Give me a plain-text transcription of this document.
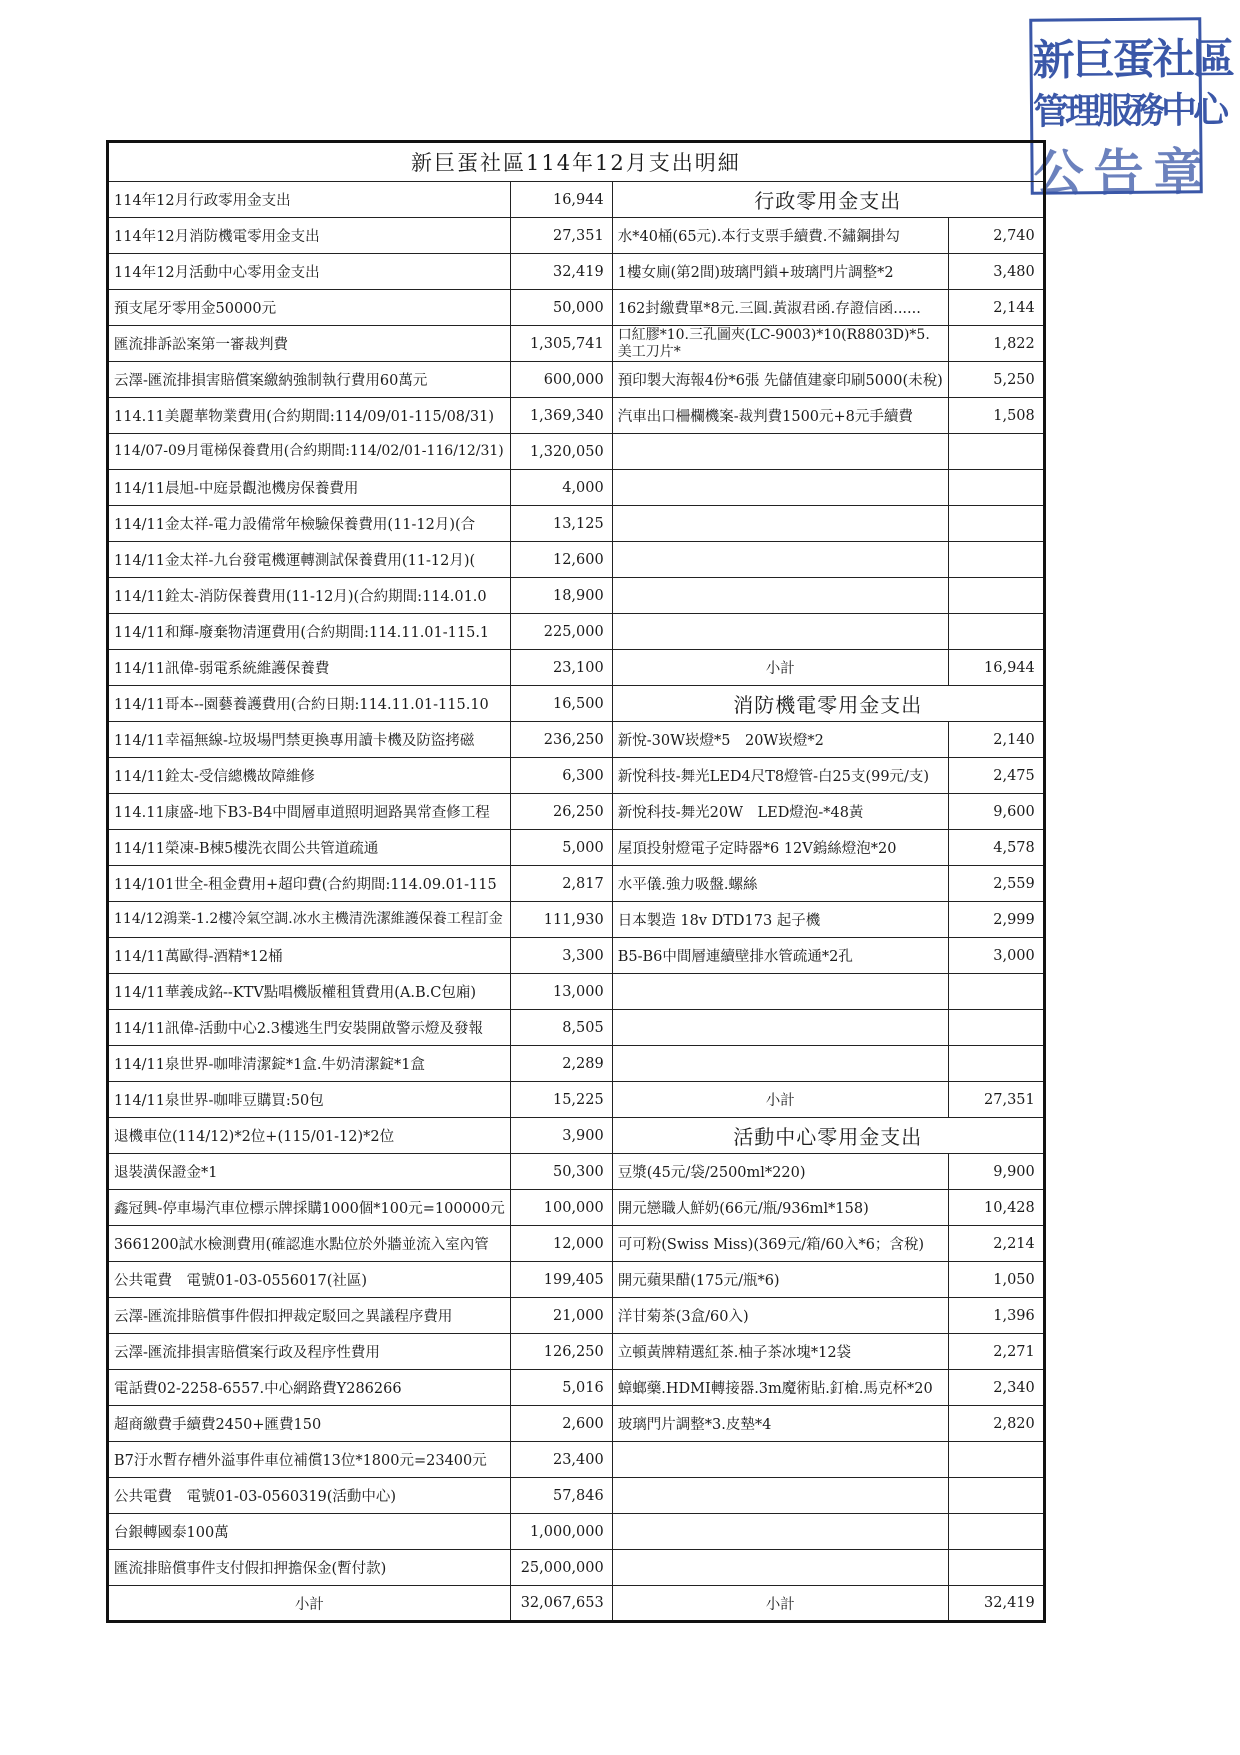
新巨蛋社區
管理服務中心
公告章
新巨蛋社區114年12月支出明細			
114年12月行政零用金支出	16,944	行政零用金支出	
114年12月消防機電零用金支出	27,351	水*40桶(65元).本行支票手續費.不鏽鋼掛勾	2,740
114年12月活動中心零用金支出	32,419	1樓女廁(第2間)玻璃門鎖+玻璃門片調整*2	3,480
預支尾牙零用金50000元	50,000	162封繳費單*8元.三圓.黃淑君函.存證信函......	2,144
匯流排訴訟案第一審裁判費	1,305,741	口紅膠*10.三孔圖夾(LC-9003)*10(R8803D)*5.美工刀片*	1,822
云澤-匯流排損害賠償案繳納強制執行費用60萬元	600,000	預印製大海報4份*6張 先儲值建豪印刷5000(未稅)	5,250
114.11美麗華物業費用(合約期間:114/09/01-115/08/31)	1,369,340	汽車出口柵欄機案-裁判費1500元+8元手續費	1,508
114/07-09月電梯保養費用(合約期間:114/02/01-116/12/31)	1,320,050		
114/11晨旭-中庭景觀池機房保養費用	4,000		
114/11金太祥-電力設備常年檢驗保養費用(11-12月)(合	13,125		
114/11金太祥-九台發電機運轉測試保養費用(11-12月)(	12,600		
114/11銓太-消防保養費用(11-12月)(合約期間:114.01.0	18,900		
114/11和輝-廢棄物清運費用(合約期間:114.11.01-115.1	225,000		
114/11訊偉-弱電系統維護保養費	23,100	小計	16,944
114/11哥本--園藝養護費用(合約日期:114.11.01-115.10	16,500	消防機電零用金支出	
114/11幸福無線-垃圾場門禁更換專用讀卡機及防盜拷磁	236,250	新悅-30W崁燈*5　20W崁燈*2	2,140
114/11銓太-受信總機故障維修	6,300	新悅科技-舞光LED4尺T8燈管-白25支(99元/支)	2,475
114.11康盛-地下B3-B4中間層車道照明迴路異常查修工程	26,250	新悅科技-舞光20W　LED燈泡-*48黃	9,600
114/11榮凍-B棟5樓洗衣間公共管道疏通	5,000	屋頂投射燈電子定時器*6 12V鎢絲燈泡*20	4,578
114/101世全-租金費用+超印費(合約期間:114.09.01-115	2,817	水平儀.強力吸盤.螺絲	2,559
114/12鴻業-1.2樓冷氣空調.冰水主機清洗潔維護保養工程訂金	111,930	日本製造 18v DTD173 起子機	2,999
114/11萬歐得-酒精*12桶	3,300	B5-B6中間層連續壁排水管疏通*2孔	3,000
114/11華義成銘--KTV點唱機版權租賃費用(A.B.C包廂)	13,000		
114/11訊偉-活動中心2.3樓逃生門安裝開啟警示燈及發報	8,505		
114/11泉世界-咖啡清潔錠*1盒.牛奶清潔錠*1盒	2,289		
114/11泉世界-咖啡豆購買:50包	15,225	小計	27,351
退機車位(114/12)*2位+(115/01-12)*2位	3,900	活動中心零用金支出	
退裝潢保證金*1	50,300	豆漿(45元/袋/2500ml*220)	9,900
鑫冠興-停車場汽車位標示牌採購1000個*100元=100000元	100,000	開元戀職人鮮奶(66元/瓶/936ml*158)	10,428
3661200試水檢測費用(確認進水點位於外牆並流入室內管	12,000	可可粉(Swiss Miss)(369元/箱/60入*6；含稅)	2,214
公共電費　電號01-03-0556017(社區)	199,405	開元蘋果醋(175元/瓶*6)	1,050
云澤-匯流排賠償事件假扣押裁定駁回之異議程序費用	21,000	洋甘菊茶(3盒/60入)	1,396
云澤-匯流排損害賠償案行政及程序性費用	126,250	立頓黃牌精選紅茶.柚子茶冰塊*12袋	2,271
電話費02-2258-6557.中心網路費Y286266	5,016	蟑螂藥.HDMI轉接器.3m魔術貼.釘槍.馬克杯*20	2,340
超商繳費手續費2450+匯費150	2,600	玻璃門片調整*3.皮墊*4	2,820
B7汙水暫存槽外溢事件車位補償13位*1800元=23400元	23,400		
公共電費　電號01-03-0560319(活動中心)	57,846		
台銀轉國泰100萬	1,000,000		
匯流排賠償事件支付假扣押擔保金(暫付款)	25,000,000		
小計	32,067,653	小計	32,419
